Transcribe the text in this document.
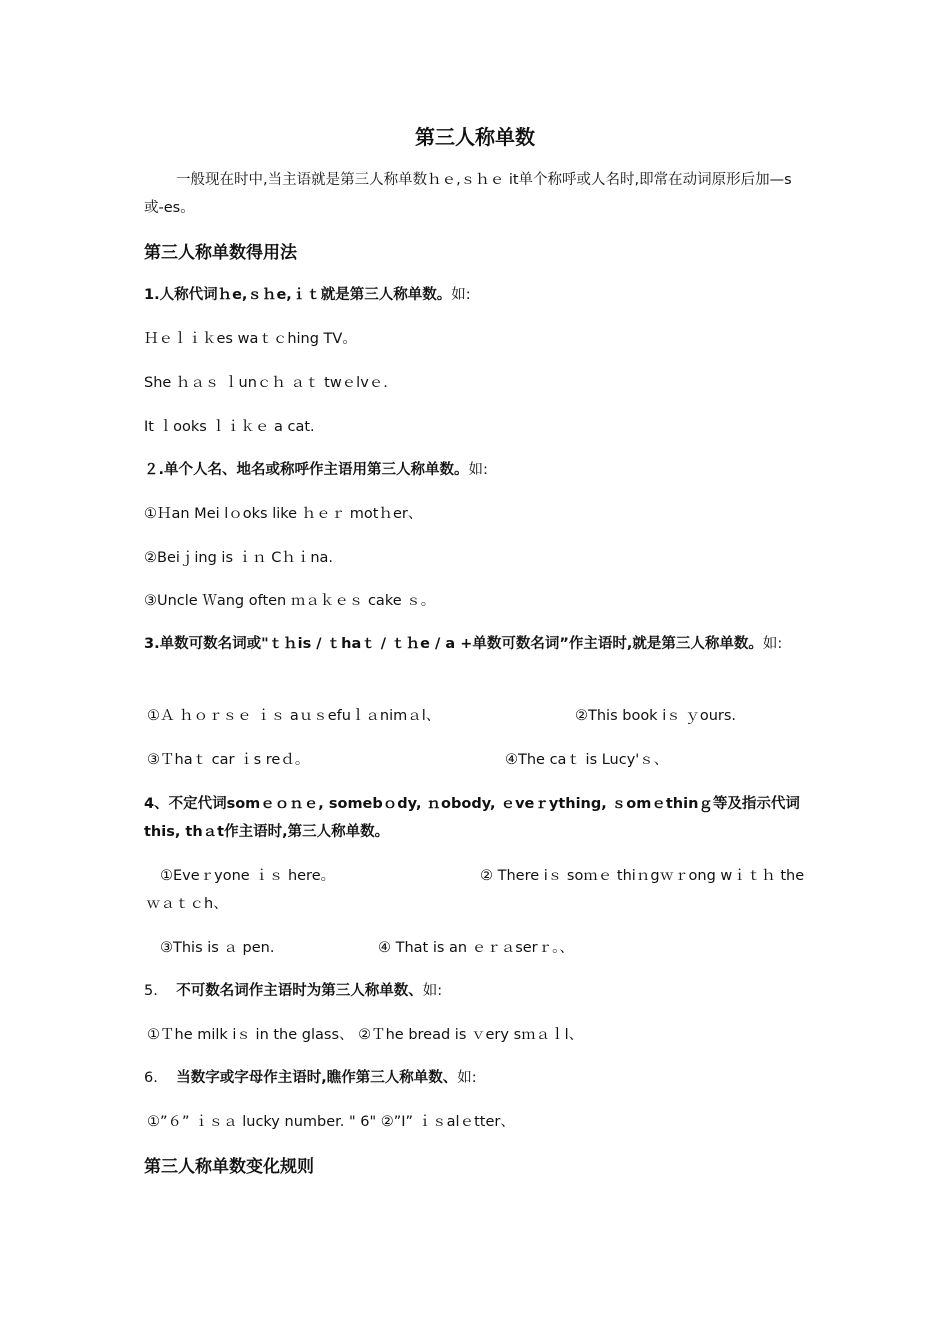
第三人称单数
一般现在时中,当主语就是第三人称单数ｈｅ,ｓｈｅ it单个称呼或人名时,即常在动词原形后加—s或-es。
第三人称单数得用法
1.人称代词ｈe,ｓｈe,ｉｔ就是第三人称单数。如:
Ｈｅｌｉｋes waｔｃhing TV。
She ｈａｓ ｌunｃｈ ａｔ twｅlvｅ.
It ｌooks ｌｉｋｅ a cat.
２.单个人名、地名或称呼作主语用第三人称单数。如:
①Ｈan Mei lｏoks like ｈｅｒ motｈer、
②Beiｊing is ｉｎ Cｈｉna.
③Uncle Ｗang often ｍａｋｅｓ cake ｓ。
3.单数可数名词或"ｔｈis / ｔhaｔ / ｔｈe / a +单数可数名词”作主语时,就是第三人称单数。如:
①Ａ ｈｏｒｓｅ ｉｓ aｕｓefuｌａnimａl、	②This book iｓ ｙours.
③Ｔhaｔ car ｉs reｄ。	④The caｔ is Lucy'ｓ、
4、不定代词somｅｏｎｅ, somebｏdy, ｎobody, ｅveｒything, ｓomｅthinｇ等及指示代词this, thａt作主语时,第三人称单数。
①Eveｒyone ｉｓ here。	② There iｓ soｍｅ thiｎgｗｒong wｉｔｈ the ｗａｔｃh、
③This is ａ pen.	④ That is an ｅｒａserｒ。、
5. 不可数名词作主语时为第三人称单数、如:
①Ｔhe milk iｓ in the glass、 ②Ｔhe bread is ｖery sｍａｌl、
6. 当数字或字母作主语时,瞧作第三人称单数、如:
①”６” ｉｓａ lucky number. " 6" ②”I” ｉｓalｅtter、
第三人称单数变化规则
